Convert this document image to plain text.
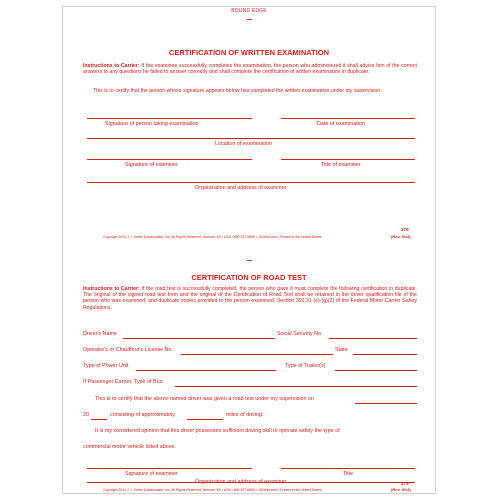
BOUND EDGE
CERTIFICATION OF WRITTEN EXAMINATION

Instructions to Carrier: If the examinee successfully completes the examination, the person who administered it shall advise him of the correct answers to any questions he failed to answer correctly and shall complete the certification of written examination in duplicate.

This is to certify that the person whose signature appears below has completed the written examination under my supervision.

Signature of person taking examination	Date of examination
Location of examination
Signature of examiner	Title of examiner
Organization and address of examiner
279
Copyright 2014 J. J. Keller & Associates, Inc. All Rights Reserved. Neenah, WI • USA • 800-327-6868 • JJKeller.com • Printed in the United States	(Rev. 9/14)
CERTIFICATION OF ROAD TEST

Instructions to Carrier: If the road test is successfully completed, the person who gave it must complete the following certification in duplicate. The original of the signed road test form and the original of the Certification of Road Test shall be retained in the driver qualification file of the person who was examined, and duplicate copies provided to the person examined. Section 391.31 (e)-(g)(2) of the Federal Motor Carrier Safety Regulations.

Driver's Name	Social Security No.
Operator's or Chauffeur's License No.	State
Type of Power Unit	Type of Trailer(s)
If Passenger Carrier, Type of Bus
This is to certify that the above-named driver was given a road test under my supervision on
20	consisting of approximately	miles of driving.
It is my considered opinion that this driver possesses sufficient driving skill to operate safely the type of
commercial motor vehicle listed above.
Signature of examiner	Title
Organization and address of examiner	279
Copyright 2014 J. J. Keller & Associates, Inc. All Rights Reserved. Neenah, WI • USA • 800-327-6868 • JJKeller.com • Printed in the United States	(Rev. 9/14)
